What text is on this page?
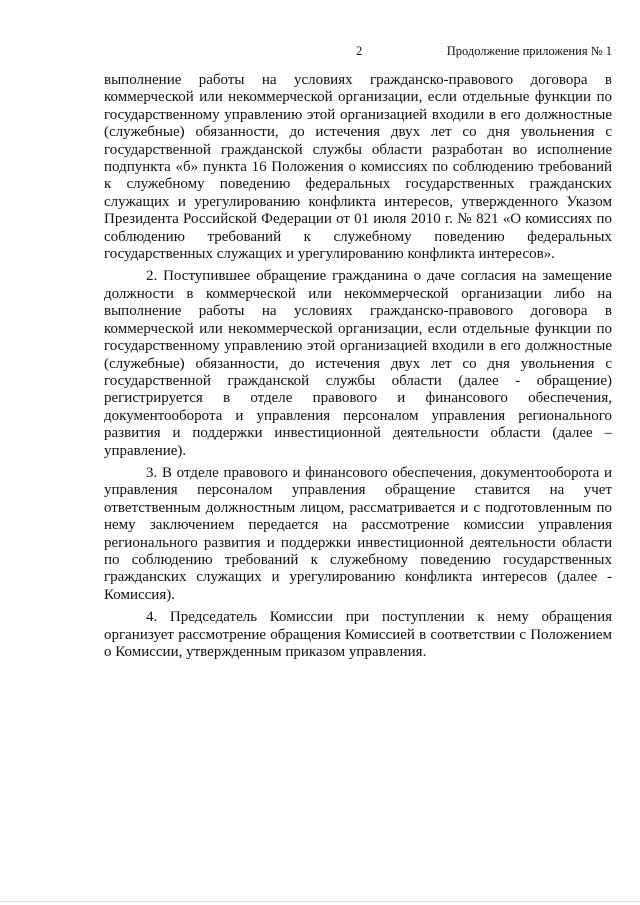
2	Продолжение приложения № 1

выполнение работы на условиях гражданско-правового договора в коммерческой или некоммерческой организации, если отдельные функции по государственному управлению этой организацией входили в его должностные (служебные) обязанности, до истечения двух лет со дня увольнения с государственной гражданской службы области разработан во исполнение подпункта «б» пункта 16 Положения о комиссиях по соблюдению требований к служебному поведению федеральных государственных гражданских служащих и урегулированию конфликта интересов, утвержденного Указом Президента Российской Федерации от 01 июля 2010 г. № 821 «О комиссиях по соблюдению требований к служебному поведению федеральных государственных служащих и урегулированию конфликта интересов».

2. Поступившее обращение гражданина о даче согласия на замещение должности в коммерческой или некоммерческой организации либо на выполнение работы на условиях гражданско-правового договора в коммерческой или некоммерческой организации, если отдельные функции по государственному управлению этой организацией входили в его должностные (служебные) обязанности, до истечения двух лет со дня увольнения с государственной гражданской службы области (далее - обращение) регистрируется в отделе правового и финансового обеспечения, документооборота и управления персоналом управления регионального развития и поддержки инвестиционной деятельности области (далее – управление).

3. В отделе правового и финансового обеспечения, документооборота и управления персоналом управления обращение ставится на учет ответственным должностным лицом, рассматривается и с подготовленным по нему заключением передается на рассмотрение комиссии управления регионального развития и поддержки инвестиционной деятельности области по соблюдению требований к служебному поведению государственных гражданских служащих и урегулированию конфликта интересов (далее - Комиссия).

4. Председатель Комиссии при поступлении к нему обращения организует рассмотрение обращения Комиссией в соответствии с Положением о Комиссии, утвержденным приказом управления.
